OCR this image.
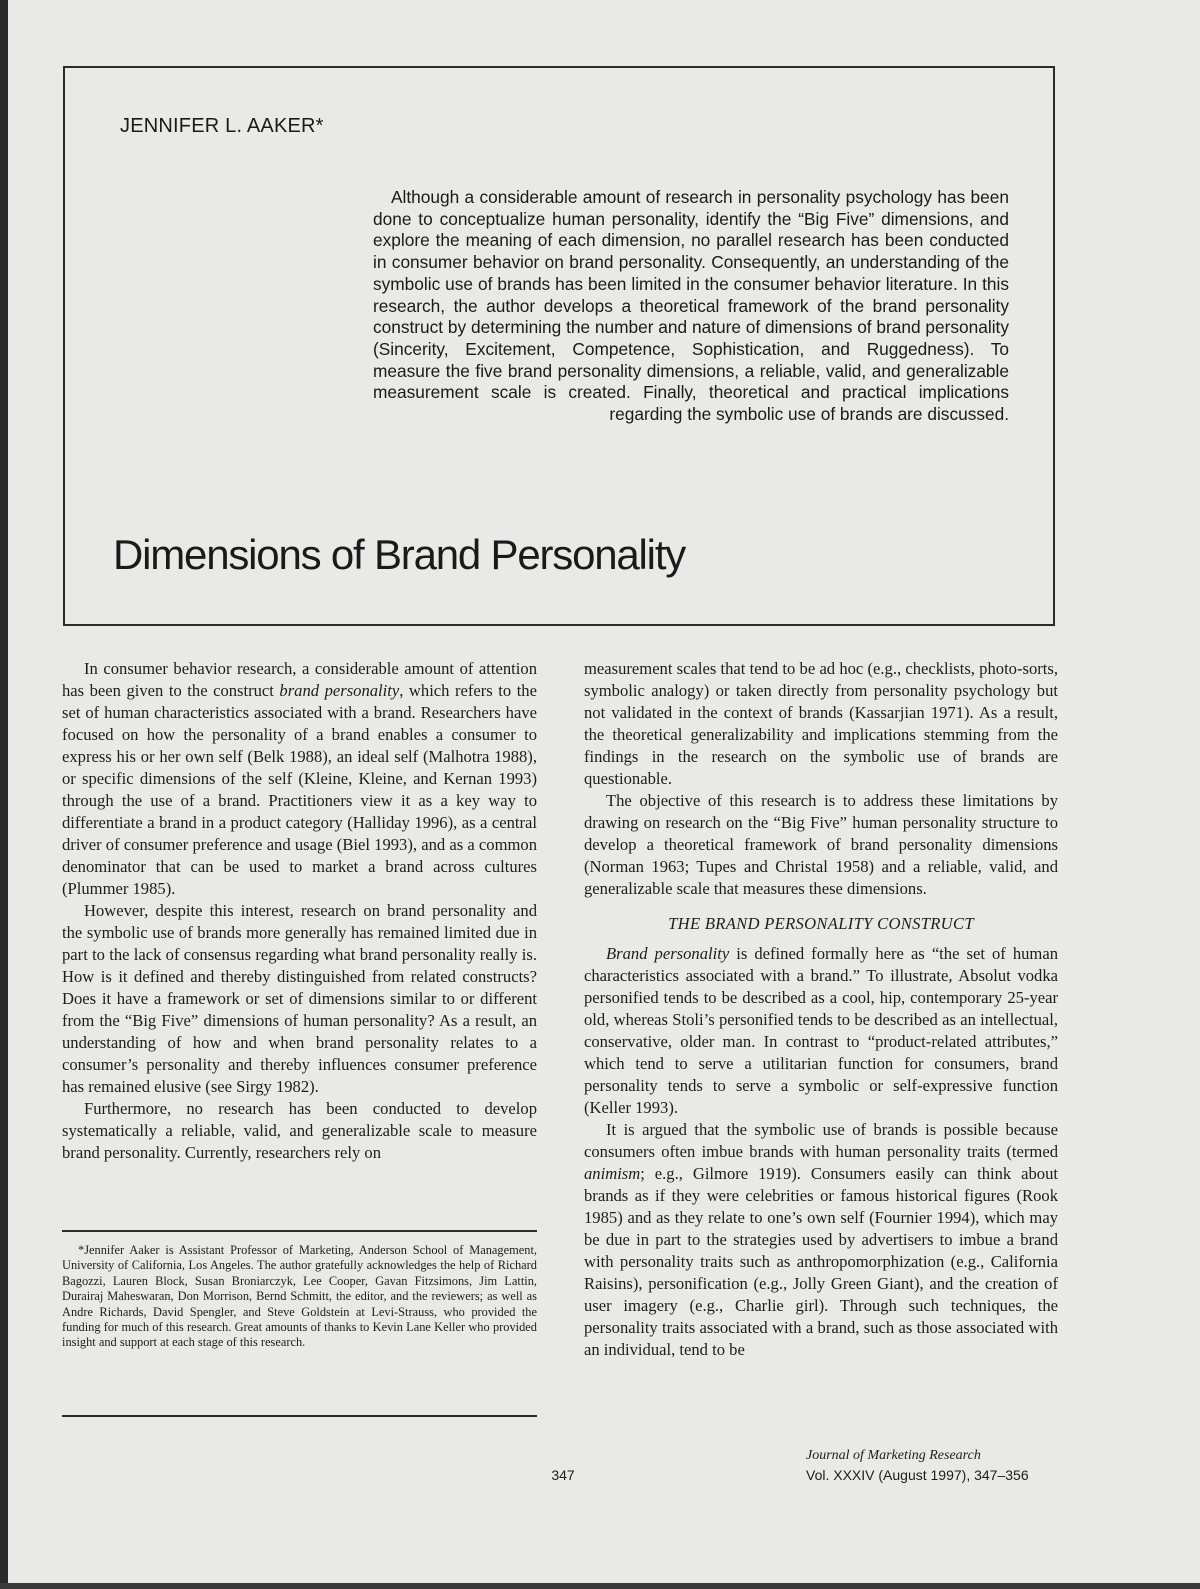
JENNIFER L. AAKER*

Although a considerable amount of research in personality psychology has been done to conceptualize human personality, identify the “Big Five” dimensions, and explore the meaning of each dimension, no parallel research has been conducted in consumer behavior on brand personality. Consequently, an understanding of the symbolic use of brands has been limited in the consumer behavior literature. In this research, the author develops a theoretical framework of the brand personality construct by determining the number and nature of dimensions of brand personality (Sincerity, Excitement, Competence, Sophistication, and Ruggedness). To measure the five brand personality dimensions, a reliable, valid, and generalizable measurement scale is created. Finally, theoretical and practical implications regarding the symbolic use of brands are discussed.

Dimensions of Brand Personality

In consumer behavior research, a considerable amount of attention has been given to the construct brand personality, which refers to the set of human characteristics associated with a brand. Researchers have focused on how the personality of a brand enables a consumer to express his or her own self (Belk 1988), an ideal self (Malhotra 1988), or specific dimensions of the self (Kleine, Kleine, and Kernan 1993) through the use of a brand. Practitioners view it as a key way to differentiate a brand in a product category (Halliday 1996), as a central driver of consumer preference and usage (Biel 1993), and as a common denominator that can be used to market a brand across cultures (Plummer 1985).

However, despite this interest, research on brand personality and the symbolic use of brands more generally has remained limited due in part to the lack of consensus regarding what brand personality really is. How is it defined and thereby distinguished from related constructs? Does it have a framework or set of dimensions similar to or different from the “Big Five” dimensions of human personality? As a result, an understanding of how and when brand personality relates to a consumer’s personality and thereby influences consumer preference has remained elusive (see Sirgy 1982).

Furthermore, no research has been conducted to develop systematically a reliable, valid, and generalizable scale to measure brand personality. Currently, researchers rely on

measurement scales that tend to be ad hoc (e.g., checklists, photo-sorts, symbolic analogy) or taken directly from personality psychology but not validated in the context of brands (Kassarjian 1971). As a result, the theoretical generalizability and implications stemming from the findings in the research on the symbolic use of brands are questionable.

The objective of this research is to address these limitations by drawing on research on the “Big Five” human personality structure to develop a theoretical framework of brand personality dimensions (Norman 1963; Tupes and Christal 1958) and a reliable, valid, and generalizable scale that measures these dimensions.

THE BRAND PERSONALITY CONSTRUCT

Brand personality is defined formally here as “the set of human characteristics associated with a brand.” To illustrate, Absolut vodka personified tends to be described as a cool, hip, contemporary 25-year old, whereas Stoli’s personified tends to be described as an intellectual, conservative, older man. In contrast to “product-related attributes,” which tend to serve a utilitarian function for consumers, brand personality tends to serve a symbolic or self-expressive function (Keller 1993).

It is argued that the symbolic use of brands is possible because consumers often imbue brands with human personality traits (termed animism; e.g., Gilmore 1919). Consumers easily can think about brands as if they were celebrities or famous historical figures (Rook 1985) and as they relate to one’s own self (Fournier 1994), which may be due in part to the strategies used by advertisers to imbue a brand with personality traits such as anthropomorphization (e.g., California Raisins), personification (e.g., Jolly Green Giant), and the creation of user imagery (e.g., Charlie girl). Through such techniques, the personality traits associated with a brand, such as those associated with an individual, tend to be

*Jennifer Aaker is Assistant Professor of Marketing, Anderson School of Management, University of California, Los Angeles. The author gratefully acknowledges the help of Richard Bagozzi, Lauren Block, Susan Broniarczyk, Lee Cooper, Gavan Fitzsimons, Jim Lattin, Durairaj Maheswaran, Don Morrison, Bernd Schmitt, the editor, and the reviewers; as well as Andre Richards, David Spengler, and Steve Goldstein at Levi-Strauss, who provided the funding for much of this research. Great amounts of thanks to Kevin Lane Keller who provided insight and support at each stage of this research.

347

Journal of Marketing Research

Vol. XXXIV (August 1997), 347–356
